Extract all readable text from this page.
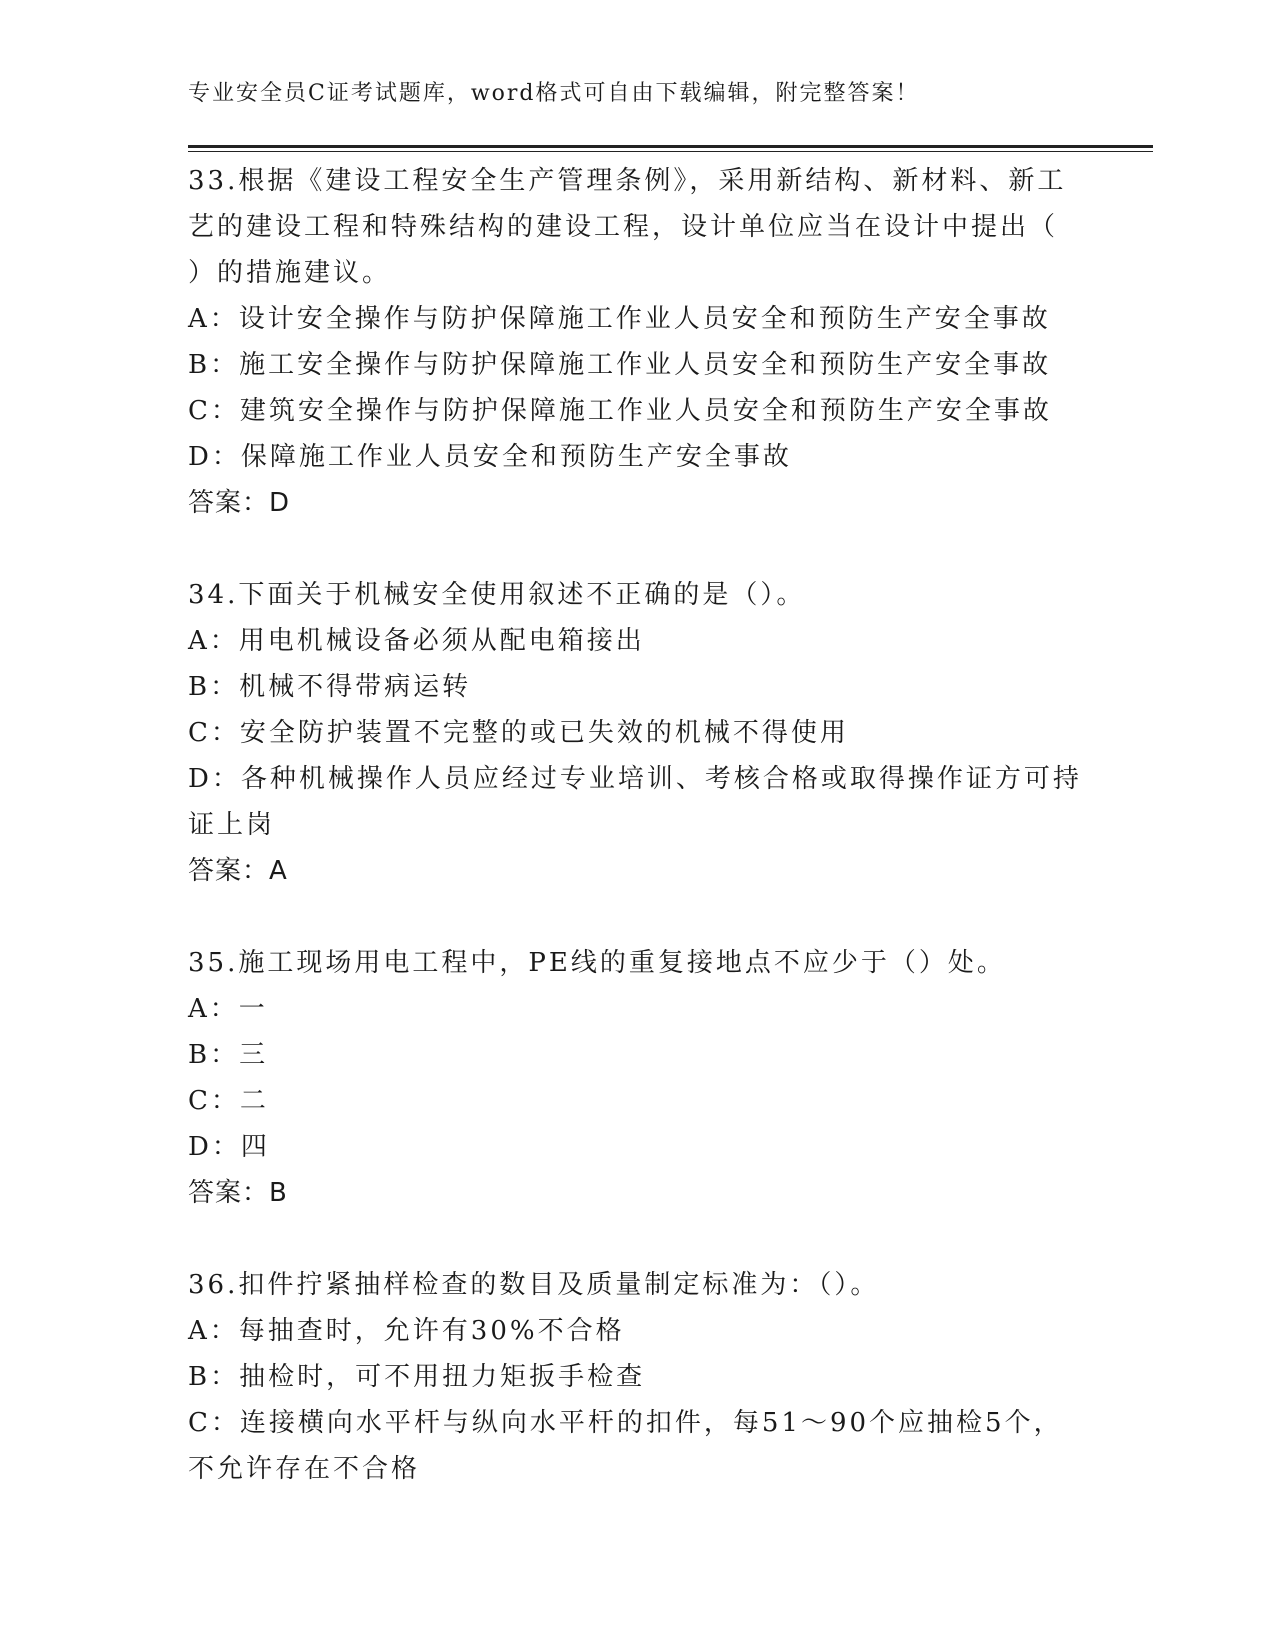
专业安全员C证考试题库，word格式可自由下载编辑，附完整答案！

33.根据《建设工程安全生产管理条例》，采用新结构、新材料、新工

艺的建设工程和特殊结构的建设工程，设计单位应当在设计中提出（

）的措施建议。

A：设计安全操作与防护保障施工作业人员安全和预防生产安全事故

B：施工安全操作与防护保障施工作业人员安全和预防生产安全事故

C：建筑安全操作与防护保障施工作业人员安全和预防生产安全事故

D：保障施工作业人员安全和预防生产安全事故

答案：D

34.下面关于机械安全使用叙述不正确的是（）。

A：用电机械设备必须从配电箱接出

B：机械不得带病运转

C：安全防护装置不完整的或已失效的机械不得使用

D：各种机械操作人员应经过专业培训、考核合格或取得操作证方可持

证上岗

答案：A

35.施工现场用电工程中，PE线的重复接地点不应少于（）处。

A：一

B：三

C：二

D：四

答案：B

36.扣件拧紧抽样检查的数目及质量制定标准为：（）。

A：每抽查时，允许有30%不合格

B：抽检时，可不用扭力矩扳手检查

C：连接横向水平杆与纵向水平杆的扣件，每51～90个应抽检5个，

不允许存在不合格
